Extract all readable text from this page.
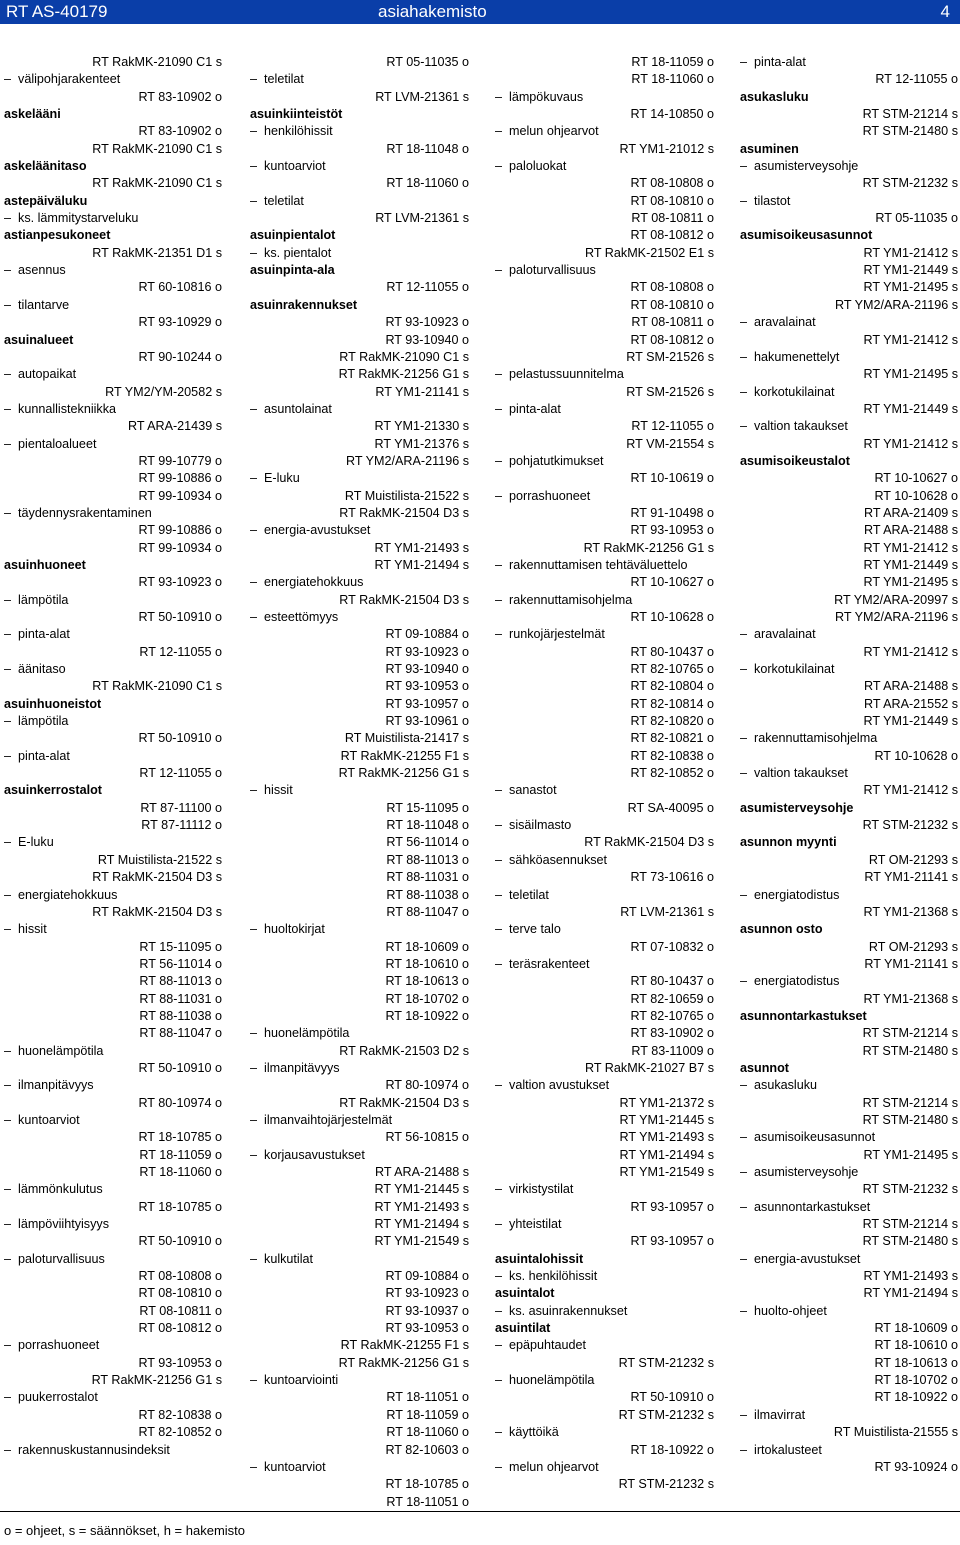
RT AS-40179	asiahakemisto	4
RT RakMK-21090 C1 s
–  välipohjarakenteet
RT 83-10902 o
askeläänі
RT 83-10902 o
RT RakMK-21090 C1 s
askeläänitaso
RT RakMK-21090 C1 s
astepäiväluku
–  ks. lämmitystarveluku
astianpesukoneet
RT RakMK-21351 D1 s
–  asennus
RT 60-10816 o
–  tilantarve
RT 93-10929 o
asuinalueet
RT 90-10244 o
–  autopaikat
RT YM2/YM-20582 s
–  kunnallistekniikka
RT ARA-21439 s
–  pientaloalueet
RT 99-10779 o
RT 99-10886 o
RT 99-10934 o
–  täydennysrakentaminen
RT 99-10886 o
RT 99-10934 o
asuinhuoneet
RT 93-10923 o
–  lämpötila
RT 50-10910 o
–  pinta-alat
RT 12-11055 o
–  äänitaso
RT RakMK-21090 C1 s
asuinhuoneistot
–  lämpötila
RT 50-10910 o
–  pinta-alat
RT 12-11055 o
asuinkerrostalot
RT 87-11100 o
RT 87-11112 o
–  E-luku
RT Muistilista-21522 s
RT RakMK-21504 D3 s
–  energiatehokkuus
RT RakMK-21504 D3 s
–  hissit
RT 15-11095 o
RT 56-11014 o
RT 88-11013 o
RT 88-11031 o
RT 88-11038 o
RT 88-11047 o
–  huonelämpötila
RT 50-10910 o
–  ilmanpitävyys
RT 80-10974 o
–  kuntoarviot
RT 18-10785 o
RT 18-11059 o
RT 18-11060 o
–  lämmönkulutus
RT 18-10785 o
–  lämpöviihtyisyys
RT 50-10910 o
–  paloturvallisuus
RT 08-10808 o
RT 08-10810 o
RT 08-10811 o
RT 08-10812 o
–  porrashuoneet
RT 93-10953 o
RT RakMK-21256 G1 s
–  puukerrostalot
RT 82-10838 o
RT 82-10852 o
–  rakennuskustannusindeksit
RT 05-11035 o
–  teletilat
RT LVM-21361 s
asuinkiinteistöt
–  henkilöhissit
RT 18-11048 o
–  kuntoarviot
RT 18-11060 o
–  teletilat
RT LVM-21361 s
asuinpientalot
–  ks. pientalot
asuinpinta-ala
RT 12-11055 o
asuinrakennukset
RT 93-10923 o
RT 93-10940 o
RT RakMK-21090 C1 s
RT RakMK-21256 G1 s
RT YM1-21141 s
–  asuntolainat
RT YM1-21330 s
RT YM1-21376 s
RT YM2/ARA-21196 s
–  E-luku
RT Muistilista-21522 s
RT RakMK-21504 D3 s
–  energia-avustukset
RT YM1-21493 s
RT YM1-21494 s
–  energiatehokkuus
RT RakMK-21504 D3 s
–  esteettömyys
RT 09-10884 o
RT 93-10923 o
RT 93-10940 o
RT 93-10953 o
RT 93-10957 o
RT 93-10961 o
RT Muistilista-21417 s
RT RakMK-21255 F1 s
RT RakMK-21256 G1 s
–  hissit
RT 15-11095 o
RT 18-11048 o
RT 56-11014 o
RT 88-11013 o
RT 88-11031 o
RT 88-11038 o
RT 88-11047 o
–  huoltokirjat
RT 18-10609 o
RT 18-10610 o
RT 18-10613 o
RT 18-10702 o
RT 18-10922 o
–  huonelämpötila
RT RakMK-21503 D2 s
–  ilmanpitävyys
RT 80-10974 o
RT RakMK-21504 D3 s
–  ilmanvaihtojärjestelmät
RT 56-10815 o
–  korjausavustukset
RT ARA-21488 s
RT YM1-21445 s
RT YM1-21493 s
RT YM1-21494 s
RT YM1-21549 s
–  kulkutilat
RT 09-10884 o
RT 93-10923 o
RT 93-10937 o
RT 93-10953 o
RT RakMK-21255 F1 s
RT RakMK-21256 G1 s
–  kuntoarviointi
RT 18-11051 o
RT 18-11059 o
RT 18-11060 o
RT 82-10603 o
–  kuntoarviot
RT 18-10785 o
RT 18-11051 o
RT 18-11059 o
RT 18-11060 o
–  lämpökuvaus
RT 14-10850 o
–  melun ohjearvot
RT YM1-21012 s
–  paloluokat
RT 08-10808 o
RT 08-10810 o
RT 08-10811 o
RT 08-10812 o
RT RakMK-21502 E1 s
–  paloturvallisuus
RT 08-10808 o
RT 08-10810 o
RT 08-10811 o
RT 08-10812 o
RT SM-21526 s
–  pelastussuunnitelma
RT SM-21526 s
–  pinta-alat
RT 12-11055 o
RT VM-21554 s
–  pohjatutkimukset
RT 10-10619 o
–  porrashuoneet
RT 91-10498 o
RT 93-10953 o
RT RakMK-21256 G1 s
–  rakennuttamisen tehtäväluettelo
RT 10-10627 o
–  rakennuttamisohjelma
RT 10-10628 o
–  runkojärjestelmät
RT 80-10437 o
RT 82-10765 o
RT 82-10804 o
RT 82-10814 o
RT 82-10820 o
RT 82-10821 o
RT 82-10838 o
RT 82-10852 o
–  sanastot
RT SA-40095 o
–  sisäilmasto
RT RakMK-21504 D3 s
–  sähköasennukset
RT 73-10616 o
–  teletilat
RT LVM-21361 s
–  terve talo
RT 07-10832 o
–  teräsrakenteet
RT 80-10437 o
RT 82-10659 o
RT 82-10765 o
RT 83-10902 o
RT 83-11009 o
RT RakMK-21027 B7 s
–  valtion avustukset
RT YM1-21372 s
RT YM1-21445 s
RT YM1-21493 s
RT YM1-21494 s
RT YM1-21549 s
–  virkistystilat
RT 93-10957 o
–  yhteistilat
RT 93-10957 o
asuintalohissit
–  ks. henkilöhissit
asuintalot
–  ks. asuinrakennukset
asuintilat
–  epäpuhtaudet
RT STM-21232 s
–  huonelämpötila
RT 50-10910 o
RT STM-21232 s
–  käyttöikä
RT 18-10922 o
–  melun ohjearvot
RT STM-21232 s
–  pinta-alat
RT 12-11055 o
asukasluku
RT STM-21214 s
RT STM-21480 s
asuminen
–  asumisterveysohje
RT STM-21232 s
–  tilastot
RT 05-11035 o
asumisoikeusasunnot
RT YM1-21412 s
RT YM1-21449 s
RT YM1-21495 s
RT YM2/ARA-21196 s
–  aravalainat
RT YM1-21412 s
–  hakumenettelyt
RT YM1-21495 s
–  korkotukilainat
RT YM1-21449 s
–  valtion takaukset
RT YM1-21412 s
asumisoikeustalot
RT 10-10627 o
RT 10-10628 o
RT ARA-21409 s
RT ARA-21488 s
RT YM1-21412 s
RT YM1-21449 s
RT YM1-21495 s
RT YM2/ARA-20997 s
RT YM2/ARA-21196 s
–  aravalainat
RT YM1-21412 s
–  korkotukilainat
RT ARA-21488 s
RT ARA-21552 s
RT YM1-21449 s
–  rakennuttamisohjelma
RT 10-10628 o
–  valtion takaukset
RT YM1-21412 s
asumisterveysohje
RT STM-21232 s
asunnon myynti
RT OM-21293 s
RT YM1-21141 s
–  energiatodistus
RT YM1-21368 s
asunnon osto
RT OM-21293 s
RT YM1-21141 s
–  energiatodistus
RT YM1-21368 s
asunnontarkastukset
RT STM-21214 s
RT STM-21480 s
asunnot
–  asukasluku
RT STM-21214 s
RT STM-21480 s
–  asumisoikeusasunnot
RT YM1-21495 s
–  asumisterveysohje
RT STM-21232 s
–  asunnontarkastukset
RT STM-21214 s
RT STM-21480 s
–  energia-avustukset
RT YM1-21493 s
RT YM1-21494 s
–  huolto-ohjeet
RT 18-10609 o
RT 18-10610 o
RT 18-10613 o
RT 18-10702 o
RT 18-10922 o
–  ilmavirrat
RT Muistilista-21555 s
–  irtokalusteet
RT 93-10924 o
o = ohjeet, s = säännökset, h = hakemisto
